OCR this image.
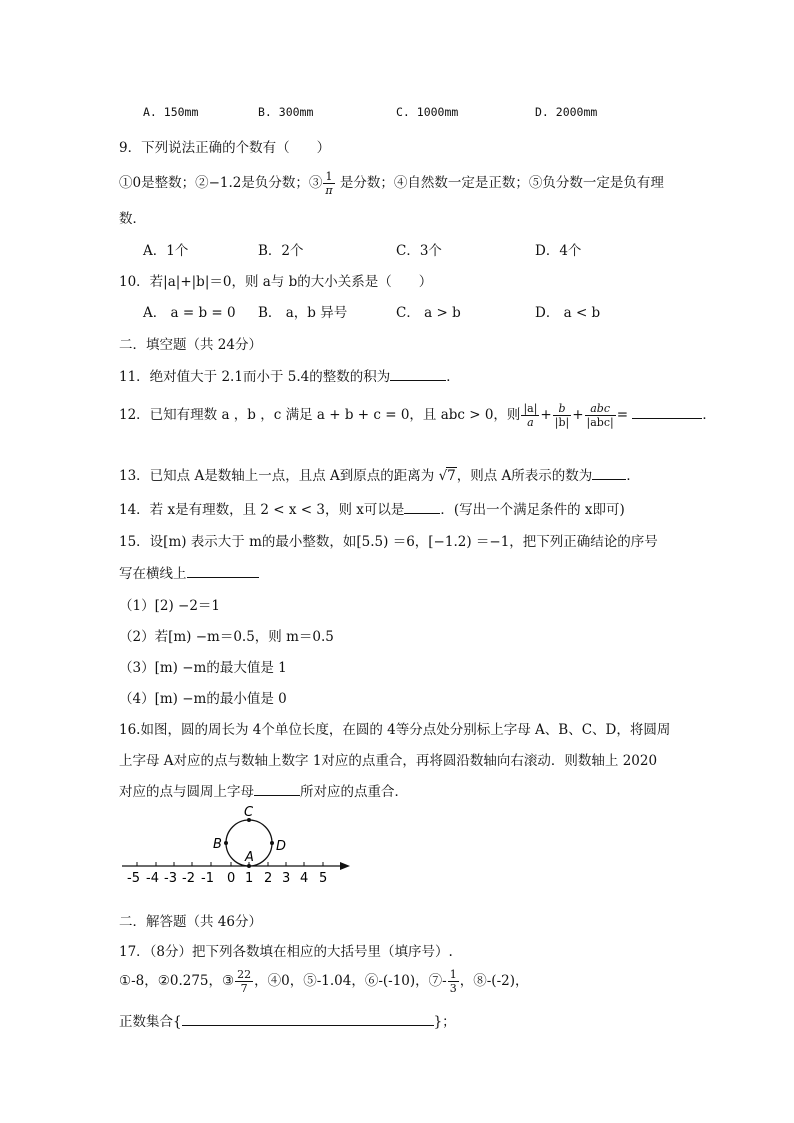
A. 150mm	B. 300mm	C. 1000mm	D. 2000mm
9．下列说法正确的个数有（　　）
①0是整数；②−1.2是负分数；③ $\frac{1}{\pi}$ 是分数；④自然数一定是正数；⑤负分数一定是负有理
数．
A．1个	B．2个	C．3个	D．4个
10．若|a|+|b|＝0，则 a与 b的大小关系是（　　）
A． a = b = 0 B． a，b 异号	C． a > b	D． a < b
二．填空题（共 24分）
11．绝对值大于 2.1而小于 5.4的整数的积为	．
12．已知有理数 a ，b ，c 满足 a + b + c = 0，且 abc > 0，则 $\frac{|a|}{a} + \frac{b}{|b|} + \frac{\text{abc}}{\text{|abc|}}$ =	．
13．已知点 A是数轴上一点，且点 A到原点的距离为 √7，则点 A所表示的数为	．
14．若 x是有理数，且 2 < x < 3，则 x可以是	．(写出一个满足条件的 x即可)
15．设[m) 表示大于 m的最小整数，如[5.5) ＝6，[−1.2) ＝−1，把下列正确结论的序号
写在横线上
（1）[2) −2＝1
（2）若[m) −m＝0.5，则 m＝0.5
（3）[m) −m的最大值是 1
（4）[m) −m的最小值是 0
16.如图，圆的周长为 4个单位长度，在圆的 4等分点处分别标上字母 A、B、C、D，将圆周
上字母 A对应的点与数轴上数字 1对应的点重合，再将圆沿数轴向右滚动．则数轴上 2020
对应的点与圆周上字母	所对应的点重合．
C
B	D
A
-5 -4 -3 -2 -1 0 1 2 3 4 5
二．解答题（共 46分）
17．（8分）把下列各数填在相应的大括号里（填序号）.
①-8，②0.275，③ $\frac{22}{7}$ ，④0，⑤-1.04，⑥-(-10)，⑦- $\frac{1}{3}$ ，⑧-(-2)，
正数集合{	}；
